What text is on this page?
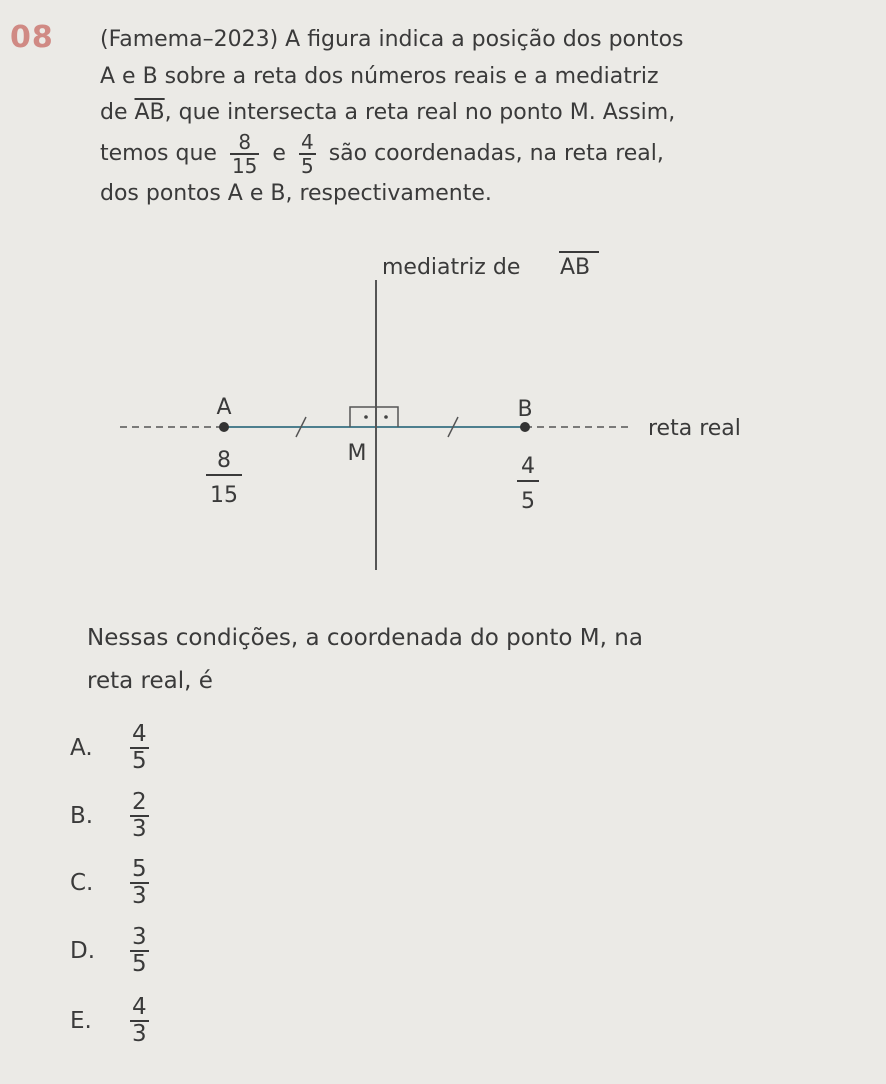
08 (Famema–2023) A figura indica a posição dos pontos
A e B sobre a reta dos números reais e a mediatriz
de $\overline{AB}$, que intersecta a reta real no ponto M. Assim,
temos que $\frac{8}{15}$ e $\frac{4}{5}$ são coordenadas, na reta real,
dos pontos A e B, respectivamente.
mediatriz de AB
A	B
M
reta real
8
15
4
5
Nessas condições, a coordenada do ponto M, na
reta real, é
A.	$\frac{4}{5}$
B.	$\frac{2}{3}$
C.	$\frac{5}{3}$
D.	$\frac{3}{5}$
E.	$\frac{4}{3}$
